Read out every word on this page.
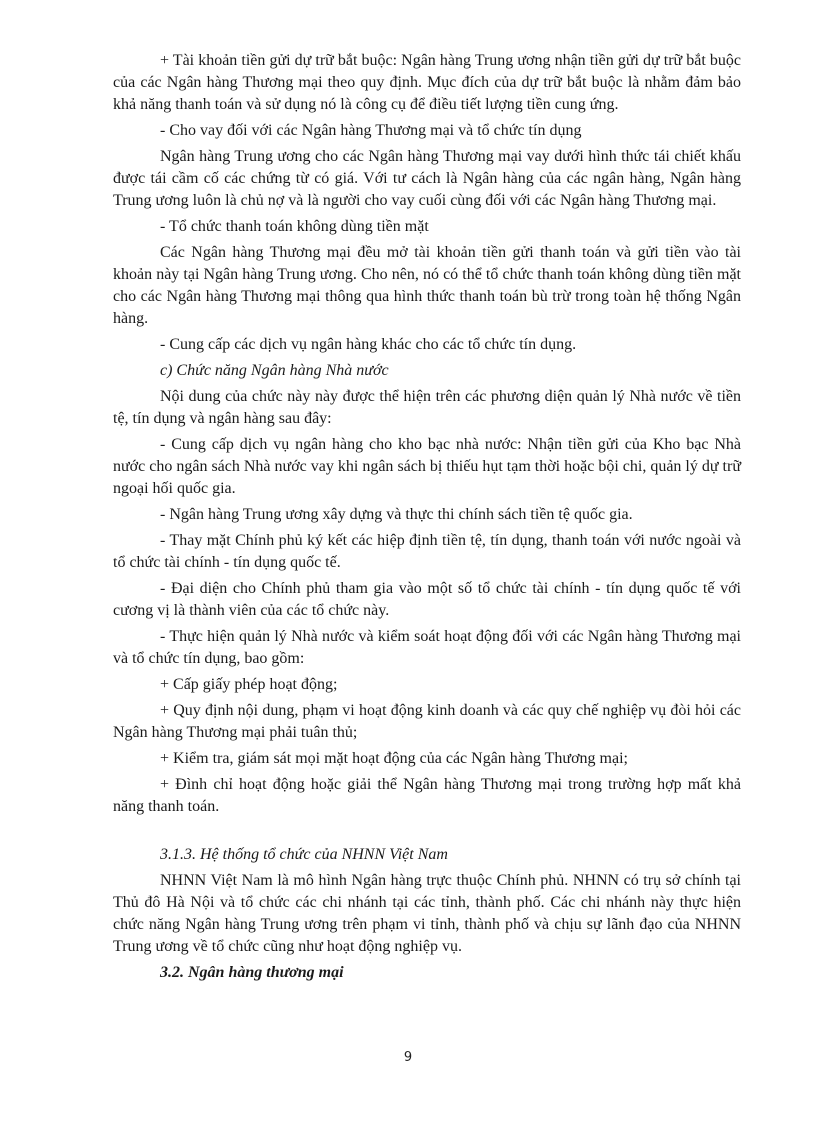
+ Tài khoản tiền gửi dự trữ bắt buộc: Ngân hàng Trung ương nhận tiền gửi dự trữ bắt buộc của các Ngân hàng Thương mại theo quy định. Mục đích của dự trữ bắt buộc là nhằm đảm bảo khả năng thanh toán và sử dụng nó là công cụ để điều tiết lượng tiền cung ứng.

- Cho vay đối với các Ngân hàng Thương mại và tổ chức tín dụng

Ngân hàng Trung ương cho các Ngân hàng Thương mại vay dưới hình thức tái chiết khấu được tái cầm cố các chứng từ có giá. Với tư cách là Ngân hàng của các ngân hàng, Ngân hàng Trung ương luôn là chủ nợ và là người cho vay cuối cùng đối với các Ngân hàng Thương mại.

- Tổ chức thanh toán không dùng tiền mặt

Các Ngân hàng Thương mại đều mở tài khoản tiền gửi thanh toán và gửi tiền vào tài khoản này tại Ngân hàng Trung ương. Cho nên, nó có thể tổ chức thanh toán không dùng tiền mặt cho các Ngân hàng Thương mại thông qua hình thức thanh toán bù trừ trong toàn hệ thống Ngân hàng.

- Cung cấp các dịch vụ ngân hàng khác cho các tổ chức tín dụng.

c) Chức năng Ngân hàng Nhà nước

Nội dung của chức này này được thể hiện trên các phương diện quản lý Nhà nước về tiền tệ, tín dụng và ngân hàng sau đây:

- Cung cấp dịch vụ ngân hàng cho kho bạc nhà nước: Nhận tiền gửi của Kho bạc Nhà nước cho ngân sách Nhà nước vay khi ngân sách bị thiếu hụt tạm thời hoặc bội chi, quản lý dự trữ ngoại hối quốc gia.

- Ngân hàng Trung ương xây dựng và thực thi chính sách tiền tệ quốc gia.

- Thay mặt Chính phủ ký kết các hiệp định tiền tệ, tín dụng, thanh toán với nước ngoài và tổ chức tài chính - tín dụng quốc tế.

- Đại diện cho Chính phủ tham gia vào một số tổ chức tài chính - tín dụng quốc tế với cương vị là thành viên của các tổ chức này.

- Thực hiện quản lý Nhà nước và kiểm soát hoạt động đối với các Ngân hàng Thương mại và tổ chức tín dụng, bao gồm:

+ Cấp giấy phép hoạt động;

+ Quy định nội dung, phạm vi hoạt động kinh doanh và các quy chế nghiệp vụ đòi hỏi các Ngân hàng Thương mại phải tuân thủ;

+ Kiểm tra, giám sát mọi mặt hoạt động của các Ngân hàng Thương mại;

+ Đình chỉ hoạt động hoặc giải thể Ngân hàng Thương mại trong trường hợp mất khả năng thanh toán.

3.1.3. Hệ thống tổ chức của NHNN Việt Nam

NHNN Việt Nam là mô hình Ngân hàng trực thuộc Chính phủ. NHNN có trụ sở chính tại Thủ đô Hà Nội và tổ chức các chi nhánh tại các tỉnh, thành phố. Các chi nhánh này thực hiện chức năng Ngân hàng Trung ương trên phạm vi tỉnh, thành phố và chịu sự lãnh đạo của NHNN Trung ương về tổ chức cũng như hoạt động nghiệp vụ.

3.2. Ngân hàng thương mại

9
